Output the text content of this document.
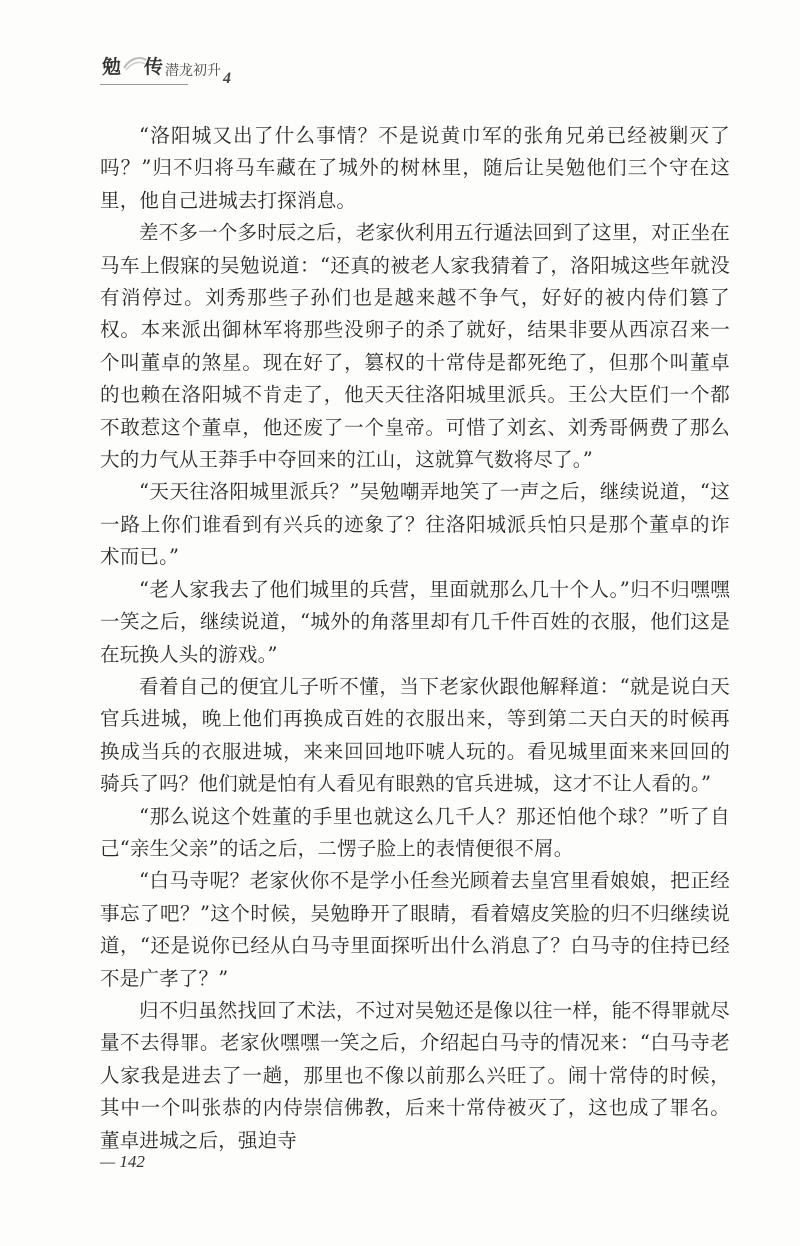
勉 传 潜龙初升 4

“洛阳城又出了什么事情？不是说黄巾军的张角兄弟已经被剿灭了吗？”归不归将马车藏在了城外的树林里，随后让吴勉他们三个守在这里，他自己进城去打探消息。

差不多一个多时辰之后，老家伙利用五行遁法回到了这里，对正坐在马车上假寐的吴勉说道：“还真的被老人家我猜着了，洛阳城这些年就没有消停过。刘秀那些子孙们也是越来越不争气，好好的被内侍们篡了权。本来派出御林军将那些没卵子的杀了就好，结果非要从西凉召来一个叫董卓的煞星。现在好了，篡权的十常侍是都死绝了，但那个叫董卓的也赖在洛阳城不肯走了，他天天往洛阳城里派兵。王公大臣们一个都不敢惹这个董卓，他还废了一个皇帝。可惜了刘玄、刘秀哥俩费了那么大的力气从王莽手中夺回来的江山，这就算气数将尽了。”

“天天往洛阳城里派兵？”吴勉嘲弄地笑了一声之后，继续说道，“这一路上你们谁看到有兴兵的迹象了？往洛阳城派兵怕只是那个董卓的诈术而已。”

“老人家我去了他们城里的兵营，里面就那么几十个人。”归不归嘿嘿一笑之后，继续说道，“城外的角落里却有几千件百姓的衣服，他们这是在玩换人头的游戏。”

看着自己的便宜儿子听不懂，当下老家伙跟他解释道：“就是说白天官兵进城，晚上他们再换成百姓的衣服出来，等到第二天白天的时候再换成当兵的衣服进城，来来回回地吓唬人玩的。看见城里面来来回回的骑兵了吗？他们就是怕有人看见有眼熟的官兵进城，这才不让人看的。”

“那么说这个姓董的手里也就这么几千人？那还怕他个球？”听了自己“亲生父亲”的话之后，二愣子脸上的表情便很不屑。

“白马寺呢？老家伙你不是学小任叁光顾着去皇宫里看娘娘，把正经事忘了吧？”这个时候，吴勉睁开了眼睛，看着嬉皮笑脸的归不归继续说道，“还是说你已经从白马寺里面探听出什么消息了？白马寺的住持已经不是广孝了？”

归不归虽然找回了术法，不过对吴勉还是像以往一样，能不得罪就尽量不去得罪。老家伙嘿嘿一笑之后，介绍起白马寺的情况来：“白马寺老人家我是进去了一趟，那里也不像以前那么兴旺了。闹十常侍的时候，其中一个叫张恭的内侍崇信佛教，后来十常侍被灭了，这也成了罪名。董卓进城之后，强迫寺

— 142
